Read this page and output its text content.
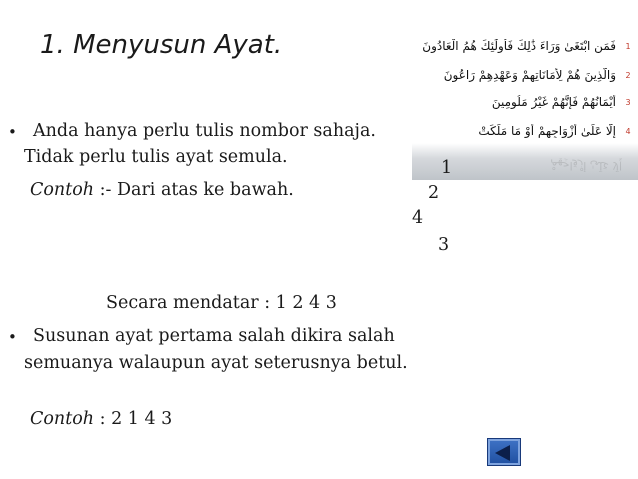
1. Menyusun Ayat.	فَمَنِ ابْتَغَىٰ وَرَاءَ ذَٰلِكَ فَأُولَٰئِكَ هُمُ الْعَادُونَ	1
وَالَّذِينَ هُمْ لِأَمَانَاتِهِمْ وَعَهْدِهِمْ رَاعُونَ	2
أَيْمَانُهُمْ فَإِنَّهُمْ غَيْرُ مَلُومِينَ	3
إِلَّا عَلَىٰ أَزْوَاجِهِمْ أَوْ مَا مَلَكَتْ	4
إِلَّا عَلَىٰ أَزْوَاجِهِمْ
• Anda hanya perlu tulis nombor sahaja.
Tidak perlu tulis ayat semula.
Contoh :- Dari atas ke bawah.
1
2
4
3
Secara mendatar : 1 2 4 3
• Susunan ayat pertama salah dikira salah
semuanya walaupun ayat seterusnya betul.
Contoh : 2 1 4 3
